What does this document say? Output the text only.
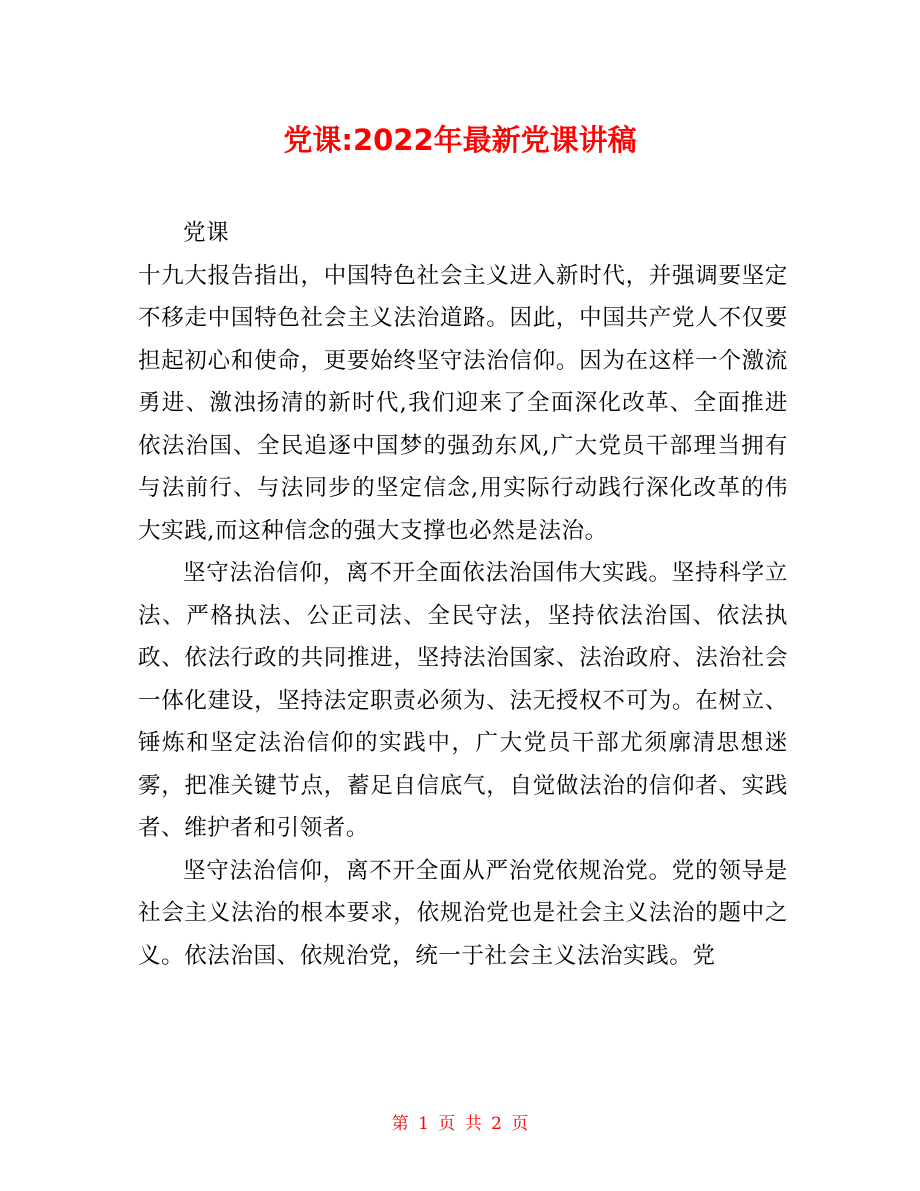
党课:2022年最新党课讲稿

党课

十九大报告指出，中国特色社会主义进入新时代，并强调要坚定不移走中国特色社会主义法治道路。因此，中国共产党人不仅要担起初心和使命，更要始终坚守法治信仰。因为在这样一个激流勇进、激浊扬清的新时代,我们迎来了全面深化改革、全面推进依法治国、全民追逐中国梦的强劲东风,广大党员干部理当拥有与法前行、与法同步的坚定信念,用实际行动践行深化改革的伟大实践,而这种信念的强大支撑也必然是法治。

坚守法治信仰，离不开全面依法治国伟大实践。坚持科学立法、严格执法、公正司法、全民守法，坚持依法治国、依法执政、依法行政的共同推进，坚持法治国家、法治政府、法治社会一体化建设，坚持法定职责必须为、法无授权不可为。在树立、锤炼和坚定法治信仰的实践中，广大党员干部尤须廓清思想迷雾，把准关键节点，蓄足自信底气，自觉做法治的信仰者、实践者、维护者和引领者。

坚守法治信仰，离不开全面从严治党依规治党。党的领导是社会主义法治的根本要求，依规治党也是社会主义法治的题中之义。依法治国、依规治党，统一于社会主义法治实践。党

第 1 页 共 2 页
